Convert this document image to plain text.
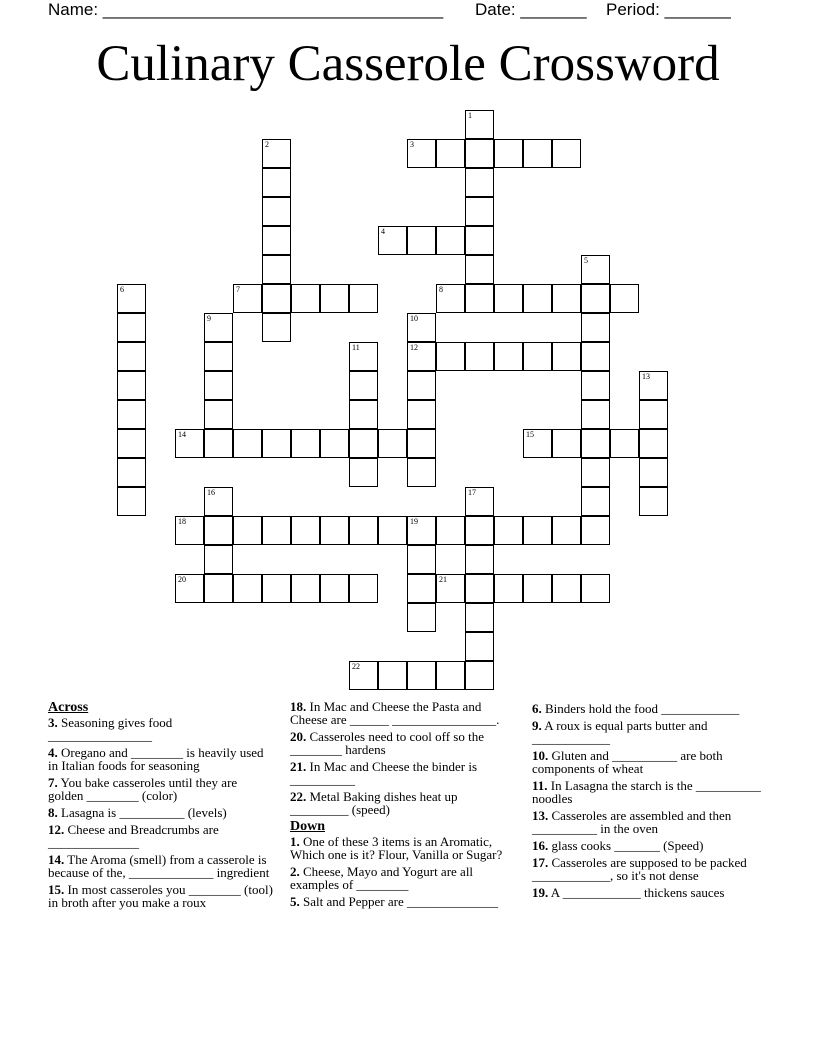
Name: ____________________________________ Date: _______ Period: _______
Culinary Casserole Crossword
1
2	3
4
5
6	7	8
9	10
11	12
13
14	15
16	17
18	19
20	21
22
Across
3. Seasoning gives food ________________
4. Oregano and ________ is heavily used in Italian foods for seasoning
7. You bake casseroles until they are golden ________ (color)
8. Lasagna is __________ (levels)
12. Cheese and Breadcrumbs are ______________
14. The Aroma (smell) from a casserole is because of the, _____________ ingredient
15. In most casseroles you ________ (tool) in broth after you make a roux
18. In Mac and Cheese the Pasta and Cheese are ______ ________________.
20. Casseroles need to cool off so the ________ hardens
21. In Mac and Cheese the binder is __________
22. Metal Baking dishes heat up _________ (speed)
Down
1. One of these 3 items is an Aromatic, Which one is it? Flour, Vanilla or Sugar?
2. Cheese, Mayo and Yogurt are all examples of ________
5. Salt and Pepper are ______________
6. Binders hold the food ____________
9. A roux is equal parts butter and ____________
10. Gluten and __________ are both components of wheat
11. In Lasagna the starch is the __________ noodles
13. Casseroles are assembled and then __________ in the oven
16. glass cooks _______ (Speed)
17. Casseroles are supposed to be packed ____________, so it's not dense
19. A ____________ thickens sauces
